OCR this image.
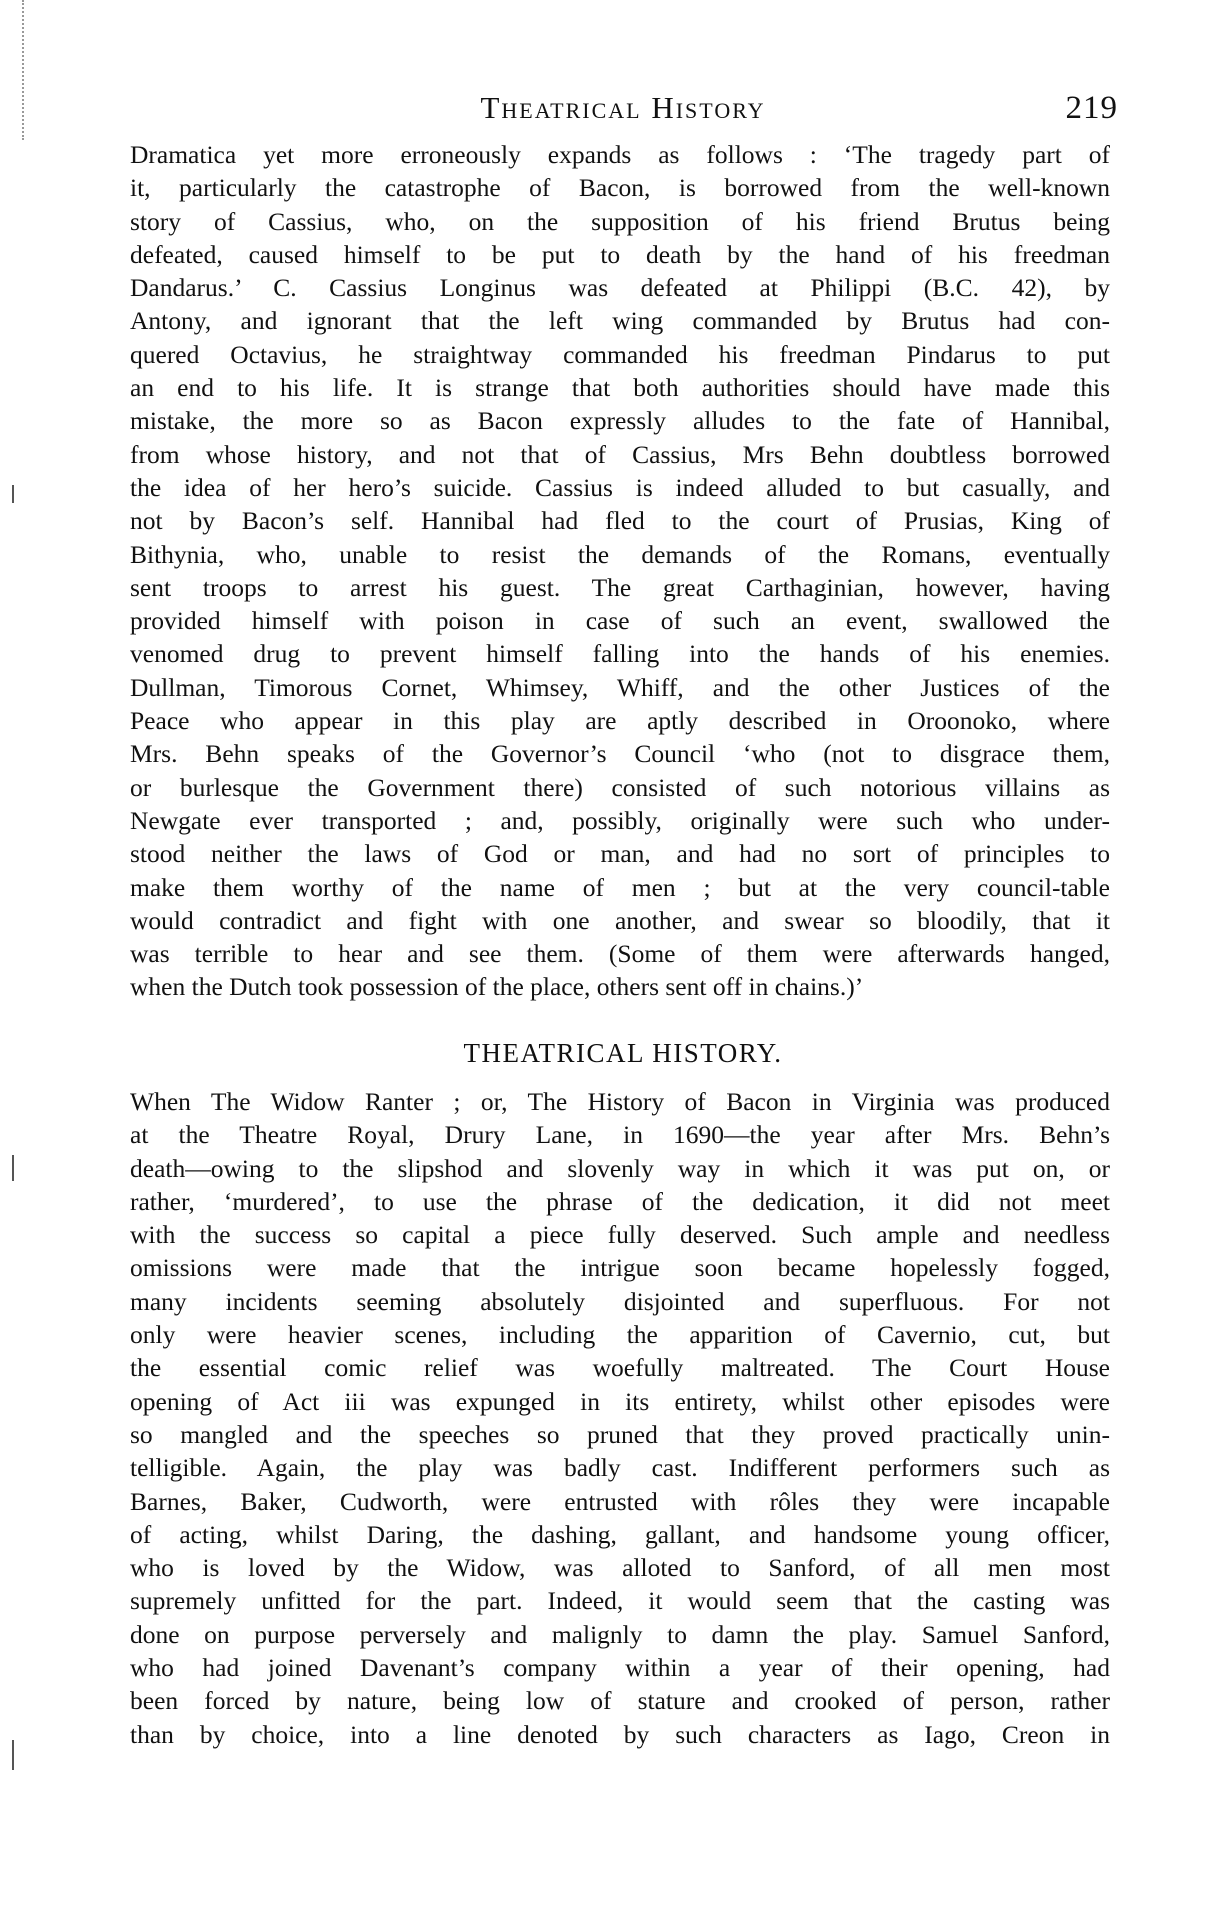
Theatrical History	219
Dramatica yet more erroneously expands as follows : ‘The tragedy part of
it, particularly the catastrophe of Bacon, is borrowed from the well-known
story of Cassius, who, on the supposition of his friend Brutus being
defeated, caused himself to be put to death by the hand of his freedman
Dandarus.’ C. Cassius Longinus was defeated at Philippi (B.C. 42), by
Antony, and ignorant that the left wing commanded by Brutus had con-
quered Octavius, he straightway commanded his freedman Pindarus to put
an end to his life. It is strange that both authorities should have made this
mistake, the more so as Bacon expressly alludes to the fate of Hannibal,
from whose history, and not that of Cassius, Mrs Behn doubtless borrowed
the idea of her hero’s suicide. Cassius is indeed alluded to but casually, and
not by Bacon’s self. Hannibal had fled to the court of Prusias, King of
Bithynia, who, unable to resist the demands of the Romans, eventually
sent troops to arrest his guest. The great Carthaginian, however, having
provided himself with poison in case of such an event, swallowed the
venomed drug to prevent himself falling into the hands of his enemies.
Dullman, Timorous Cornet, Whimsey, Whiff, and the other Justices of the
Peace who appear in this play are aptly described in Oroonoko, where
Mrs. Behn speaks of the Governor’s Council ‘who (not to disgrace them,
or burlesque the Government there) consisted of such notorious villains as
Newgate ever transported ; and, possibly, originally were such who under-
stood neither the laws of God or man, and had no sort of principles to
make them worthy of the name of men ; but at the very council-table
would contradict and fight with one another, and swear so bloodily, that it
was terrible to hear and see them. (Some of them were afterwards hanged,
when the Dutch took possession of the place, others sent off in chains.)’
THEATRICAL HISTORY.
When The Widow Ranter ; or, The History of Bacon in Virginia was produced
at the Theatre Royal, Drury Lane, in 1690—the year after Mrs. Behn’s
death—owing to the slipshod and slovenly way in which it was put on, or
rather, ‘murdered’, to use the phrase of the dedication, it did not meet
with the success so capital a piece fully deserved. Such ample and needless
omissions were made that the intrigue soon became hopelessly fogged,
many incidents seeming absolutely disjointed and superfluous. For not
only were heavier scenes, including the apparition of Cavernio, cut, but
the essential comic relief was woefully maltreated. The Court House
opening of Act iii was expunged in its entirety, whilst other episodes were
so mangled and the speeches so pruned that they proved practically unin-
telligible. Again, the play was badly cast. Indifferent performers such as
Barnes, Baker, Cudworth, were entrusted with rôles they were incapable
of acting, whilst Daring, the dashing, gallant, and handsome young officer,
who is loved by the Widow, was alloted to Sanford, of all men most
supremely unfitted for the part. Indeed, it would seem that the casting was
done on purpose perversely and malignly to damn the play. Samuel Sanford,
who had joined Davenant’s company within a year of their opening, had
been forced by nature, being low of stature and crooked of person, rather
than by choice, into a line denoted by such characters as Iago, Creon in
